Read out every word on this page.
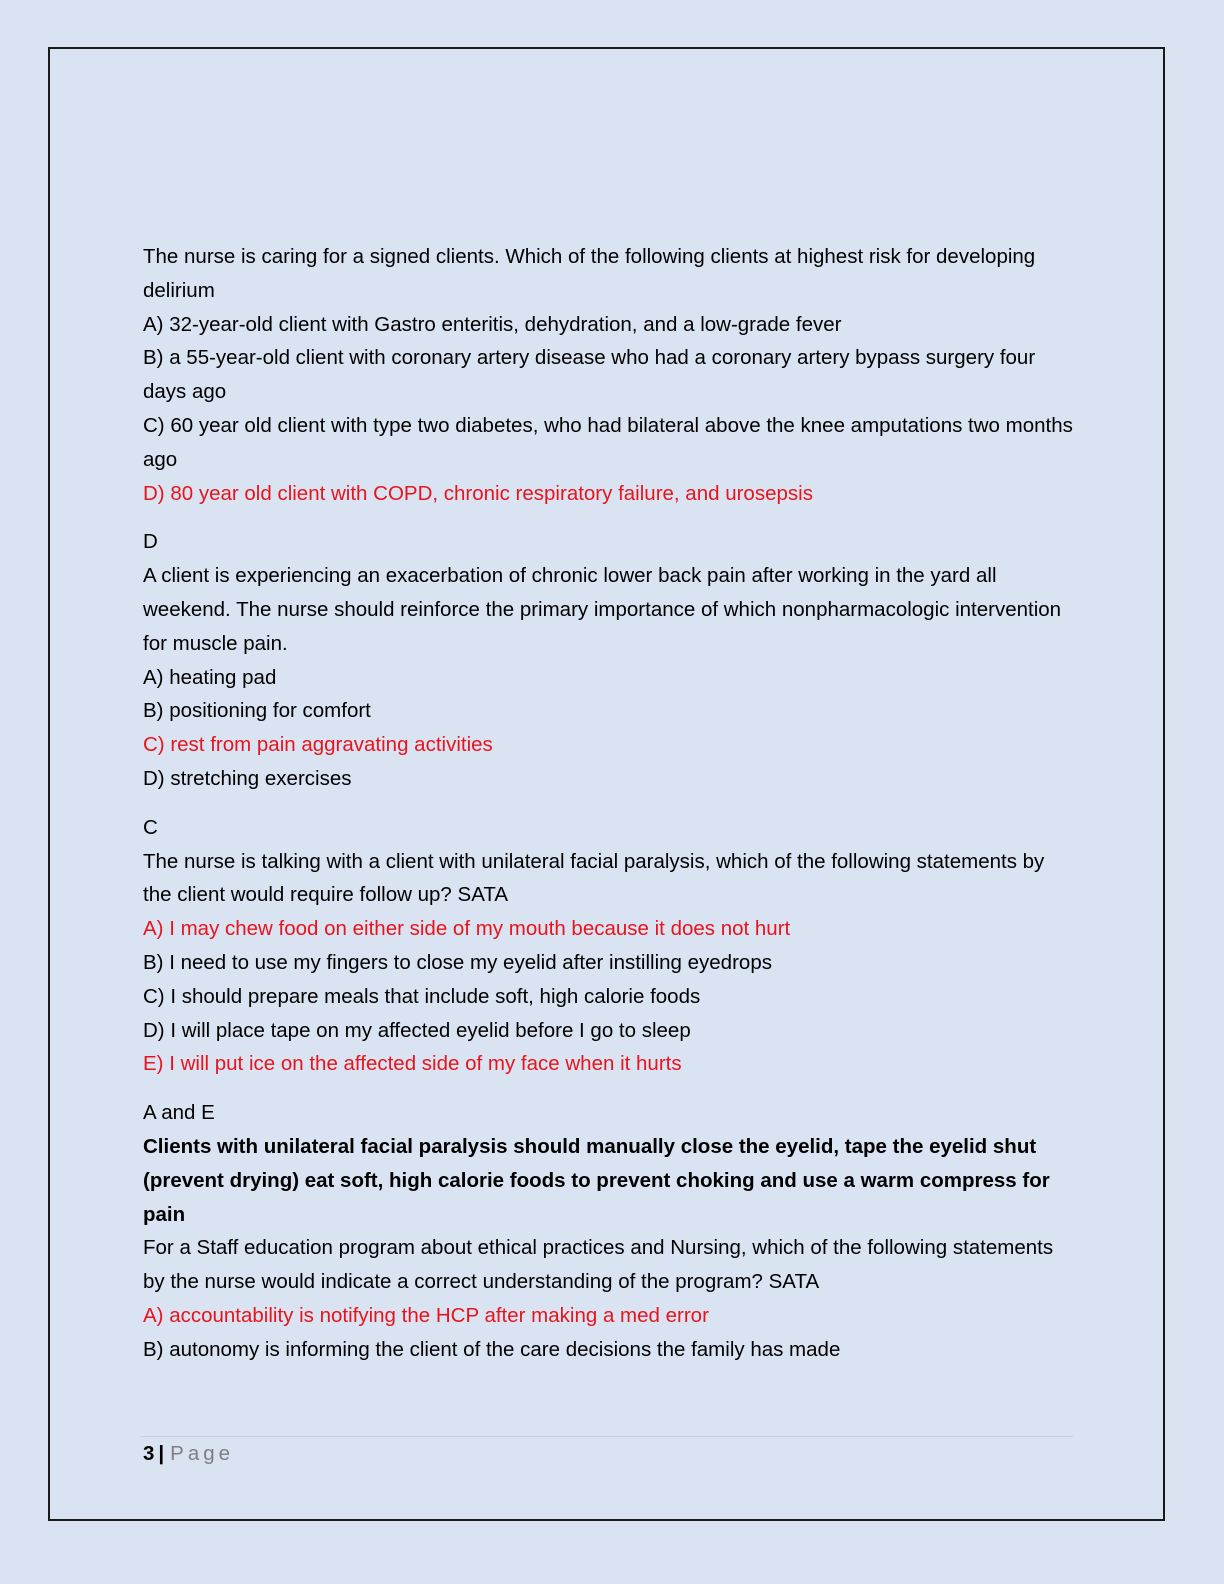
The nurse is caring for a signed clients. Which of the following clients at highest risk for developing delirium

A) 32-year-old client with Gastro enteritis, dehydration, and a low-grade fever

B) a 55-year-old client with coronary artery disease who had a coronary artery bypass surgery four days ago

C) 60 year old client with type two diabetes, who had bilateral above the knee amputations two months ago

D) 80 year old client with COPD, chronic respiratory failure, and urosepsis

D

A client is experiencing an exacerbation of chronic lower back pain after working in the yard all weekend. The nurse should reinforce the primary importance of which nonpharmacologic intervention for muscle pain.

A) heating pad

B) positioning for comfort

C) rest from pain aggravating activities

D) stretching exercises

C

The nurse is talking with a client with unilateral facial paralysis, which of the following statements by the client would require follow up? SATA

A) I may chew food on either side of my mouth because it does not hurt

B) I need to use my fingers to close my eyelid after instilling eyedrops

C) I should prepare meals that include soft, high calorie foods

D) I will place tape on my affected eyelid before I go to sleep

E) I will put ice on the affected side of my face when it hurts

A and E

Clients with unilateral facial paralysis should manually close the eyelid, tape the eyelid shut (prevent drying) eat soft, high calorie foods to prevent choking and use a warm compress for pain

For a Staff education program about ethical practices and Nursing, which of the following statements by the nurse would indicate a correct understanding of the program? SATA

A) accountability is notifying the HCP after making a med error

B) autonomy is informing the client of the care decisions the family has made

3 | Page
